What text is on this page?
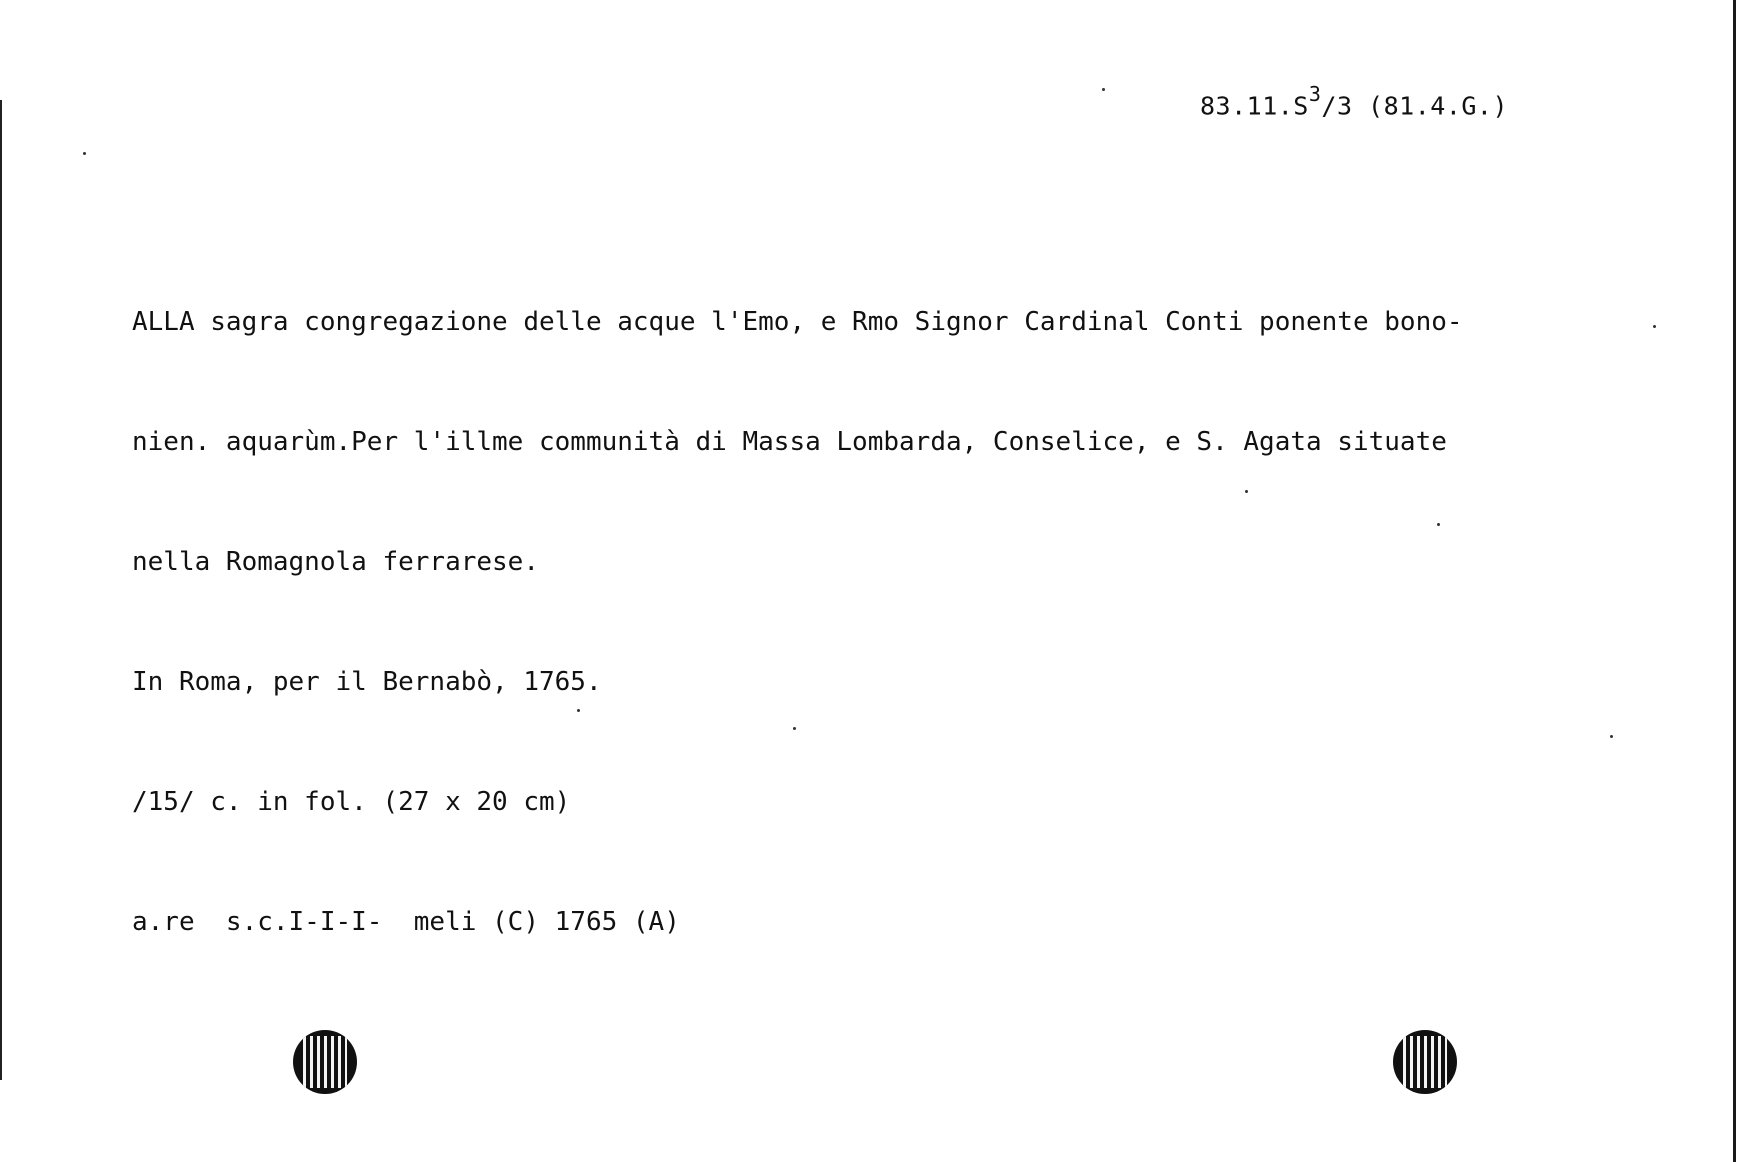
$83.11.S^3/3$ (81.4.G.)

ALLA sagra congregazione delle acque l'Emo, e Rmo Signor Cardinal Conti ponente bono-

nien. aquarùm.Per l'illme communità di Massa Lombarda, Conselice, e S. Agata situate

nella Romagnola ferrarese.

In Roma, per il Bernabò, 1765.

/15/ c. in fol. (27 x 20 cm)

a.re  s.c.I-I-I-  meli (C) 1765 (A)
